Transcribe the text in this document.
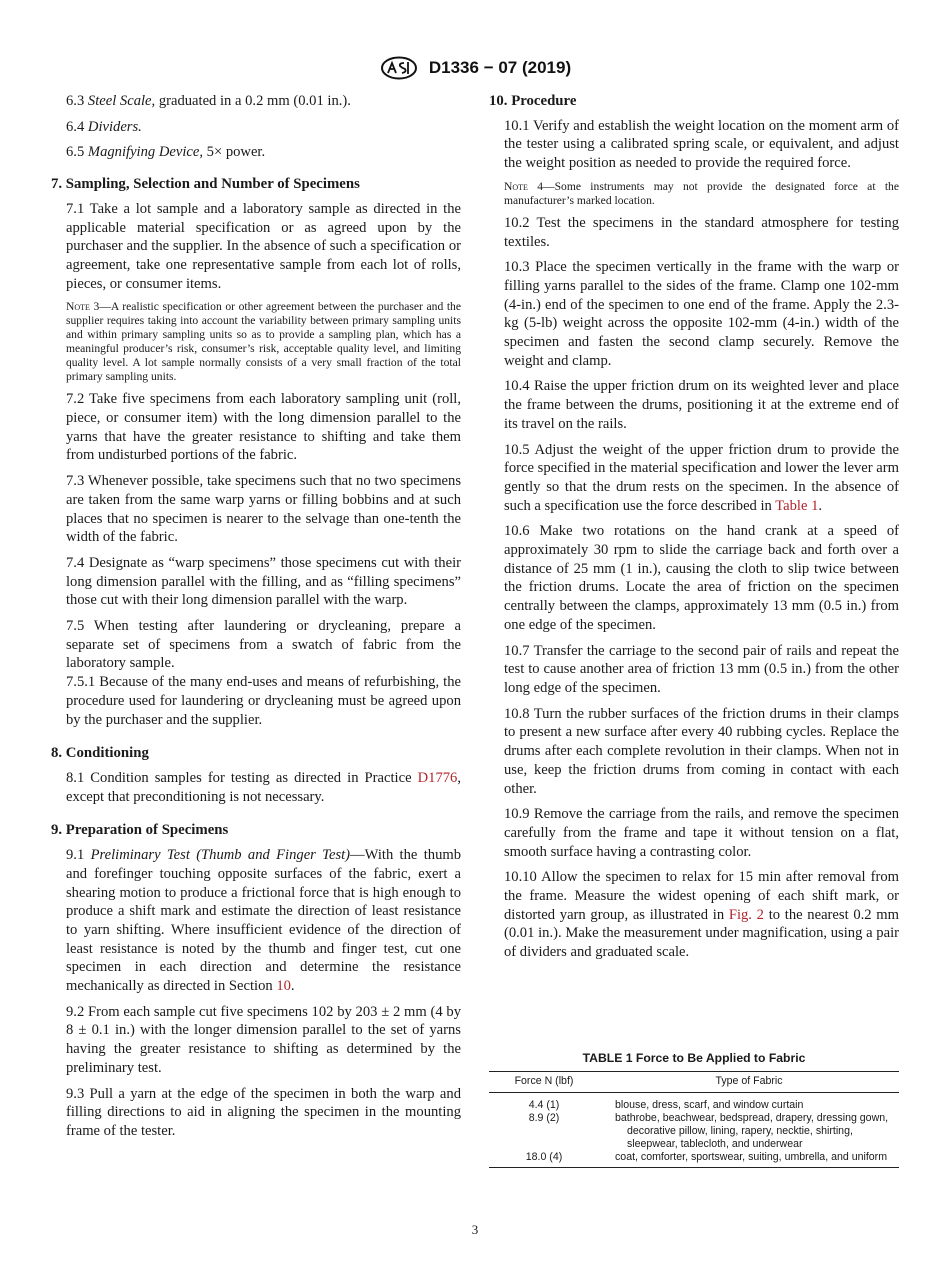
D1336 − 07 (2019)

6.3 Steel Scale, graduated in a 0.2 mm (0.01 in.).

6.4 Dividers.

6.5 Magnifying Device, 5× power.

7. Sampling, Selection and Number of Specimens

7.1 Take a lot sample and a laboratory sample as directed in the applicable material specification or as agreed upon by the purchaser and the supplier. In the absence of such a specification or agreement, take one representative sample from each lot of rolls, pieces, or consumer items.

Note 3—A realistic specification or other agreement between the purchaser and the supplier requires taking into account the variability between primary sampling units and within primary sampling units so as to provide a sampling plan, which has a meaningful producer’s risk, consumer’s risk, acceptable quality level, and limiting quality level. A lot sample normally consists of a very small fraction of the total primary sampling units.

7.2 Take five specimens from each laboratory sampling unit (roll, piece, or consumer item) with the long dimension parallel to the yarns that have the greater resistance to shifting and take them from undisturbed portions of the fabric.

7.3 Whenever possible, take specimens such that no two specimens are taken from the same warp yarns or filling bobbins and at such places that no specimen is nearer to the selvage than one-tenth the width of the fabric.

7.4 Designate as “warp specimens” those specimens cut with their long dimension parallel with the filling, and as “filling specimens” those cut with their long dimension parallel with the warp.

7.5 When testing after laundering or drycleaning, prepare a separate set of specimens from a swatch of fabric from the laboratory sample.

7.5.1 Because of the many end-uses and means of refurbishing, the procedure used for laundering or drycleaning must be agreed upon by the purchaser and the supplier.

8. Conditioning

8.1 Condition samples for testing as directed in Practice D1776, except that preconditioning is not necessary.

9. Preparation of Specimens

9.1 Preliminary Test (Thumb and Finger Test)—With the thumb and forefinger touching opposite surfaces of the fabric, exert a shearing motion to produce a frictional force that is high enough to produce a shift mark and estimate the direction of least resistance to yarn shifting. Where insufficient evidence of the direction of least resistance is noted by the thumb and finger test, cut one specimen in each direction and determine the resistance mechanically as directed in Section 10.

9.2 From each sample cut five specimens 102 by 203 ± 2 mm (4 by 8 ± 0.1 in.) with the longer dimension parallel to the set of yarns having the greater resistance to shifting as determined by the preliminary test.

9.3 Pull a yarn at the edge of the specimen in both the warp and filling directions to aid in aligning the specimen in the mounting frame of the tester.

10. Procedure

10.1 Verify and establish the weight location on the moment arm of the tester using a calibrated spring scale, or equivalent, and adjust the weight position as needed to provide the required force.

Note 4—Some instruments may not provide the designated force at the manufacturer’s marked location.

10.2 Test the specimens in the standard atmosphere for testing textiles.

10.3 Place the specimen vertically in the frame with the warp or filling yarns parallel to the sides of the frame. Clamp one 102-mm (4-in.) end of the specimen to one end of the frame. Apply the 2.3-kg (5-lb) weight across the opposite 102-mm (4-in.) width of the specimen and fasten the second clamp securely. Remove the weight and clamp.

10.4 Raise the upper friction drum on its weighted lever and place the frame between the drums, positioning it at the extreme end of its travel on the rails.

10.5 Adjust the weight of the upper friction drum to provide the force specified in the material specification and lower the lever arm gently so that the drum rests on the specimen. In the absence of such a specification use the force described in Table 1.

10.6 Make two rotations on the hand crank at a speed of approximately 30 rpm to slide the carriage back and forth over a distance of 25 mm (1 in.), causing the cloth to slip twice between the friction drums. Locate the area of friction on the specimen centrally between the clamps, approximately 13 mm (0.5 in.) from one edge of the specimen.

10.7 Transfer the carriage to the second pair of rails and repeat the test to cause another area of friction 13 mm (0.5 in.) from the other long edge of the specimen.

10.8 Turn the rubber surfaces of the friction drums in their clamps to present a new surface after every 40 rubbing cycles. Replace the drums after each complete revolution in their clamps. When not in use, keep the friction drums from coming in contact with each other.

10.9 Remove the carriage from the rails, and remove the specimen carefully from the frame and tape it without tension on a flat, smooth surface having a contrasting color.

10.10 Allow the specimen to relax for 15 min after removal from the frame. Measure the widest opening of each shift mark, or distorted yarn group, as illustrated in Fig. 2 to the nearest 0.2 mm (0.01 in.). Make the measurement under magnification, using a pair of dividers and graduated scale.

TABLE 1 Force to Be Applied to Fabric
Force N (lbf)	Type of Fabric
4.4 (1)	blouse, dress, scarf, and window curtain

8.9 (2)	bathrobe, beachwear, bedspread, drapery, dressing gown, decorative pillow, lining, rapery, necktie, shirting, sleepwear, tablecloth, and underwear

18.0 (4)	coat, comforter, sportswear, suiting, umbrella, and uniform
3
